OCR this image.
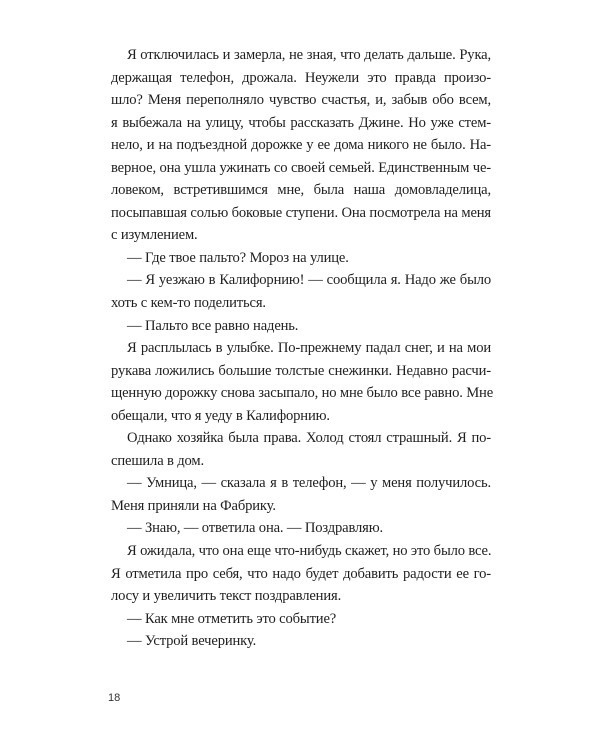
Я отключилась и замерла, не зная, что делать дальше. Рука,
держащая телефон, дрожала. Неужели это правда произо-
шло? Меня переполняло чувство счастья, и, забыв обо всем,
я выбежала на улицу, чтобы рассказать Джине. Но уже стем-
нело, и на подъездной дорожке у ее дома никого не было. На-
верное, она ушла ужинать со своей семьей. Единственным че-
ловеком, встретившимся мне, была наша домовладелица,
посыпавшая солью боковые ступени. Она посмотрела на меня
с изумлением.
— Где твое пальто? Мороз на улице.
— Я уезжаю в Калифорнию! — сообщила я. Надо же было
хоть с кем-то поделиться.
— Пальто все равно надень.
Я расплылась в улыбке. По-прежнему падал снег, и на мои
рукава ложились большие толстые снежинки. Недавно расчи-
щенную дорожку снова засыпало, но мне было все равно. Мне
обещали, что я уеду в Калифорнию.
Однако хозяйка была права. Холод стоял страшный. Я по-
спешила в дом.
— Умница, — сказала я в телефон, — у меня получилось.
Меня приняли на Фабрику.
— Знаю, — ответила она. — Поздравляю.
Я ожидала, что она еще что-нибудь скажет, но это было все.
Я отметила про себя, что надо будет добавить радости ее го-
лосу и увеличить текст поздравления.
— Как мне отметить это событие?
— Устрой вечеринку.
18
